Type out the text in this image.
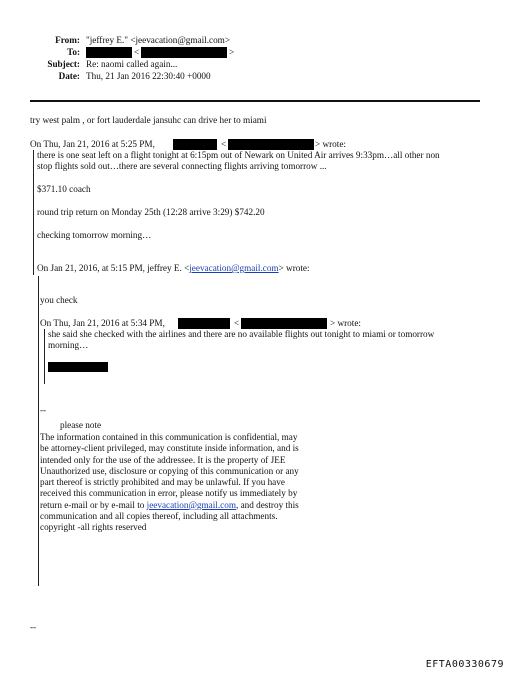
From: "jeffrey E." <jeevacation@gmail.com>
To:	<	>
Subject: Re: naomi called again...
Date: Thu, 21 Jan 2016 22:30:40 +0000
try west palm , or fort lauderdale jansuhc can drive her to miami
On Thu, Jan 21, 2016 at 5:25 PM,	<	> wrote:
there is one seat left on a flight tonight at 6:15pm out of Newark on United Air arrives 9:33pm…all other non
stop flights sold out…there are several connecting flights arriving tomorrow ...
$371.10 coach
round trip return on Monday 25th (12:28 arrive 3:29) $742.20
checking tomorrow morning…
On Jan 21, 2016, at 5:15 PM, jeffrey E. <jeevacation@gmail.com> wrote:
you check
On Thu, Jan 21, 2016 at 5:34 PM,	<	> wrote:
she said she checked with the airlines and there are no available flights out tonight to miami or tomorrow
morning…
--
please note
The information contained in this communication is confidential, may be attorney-client privileged, may constitute inside information, and is intended only for the use of the addressee. It is the property of JEE Unauthorized use, disclosure or copying of this communication or any part thereof is strictly prohibited and may be unlawful. If you have received this communication in error, please notify us immediately by return e-mail or by e-mail to jeevacation@gmail.com, and destroy this communication and all copies thereof, including all attachments. copyright -all rights reserved
--
EFTA00330679
